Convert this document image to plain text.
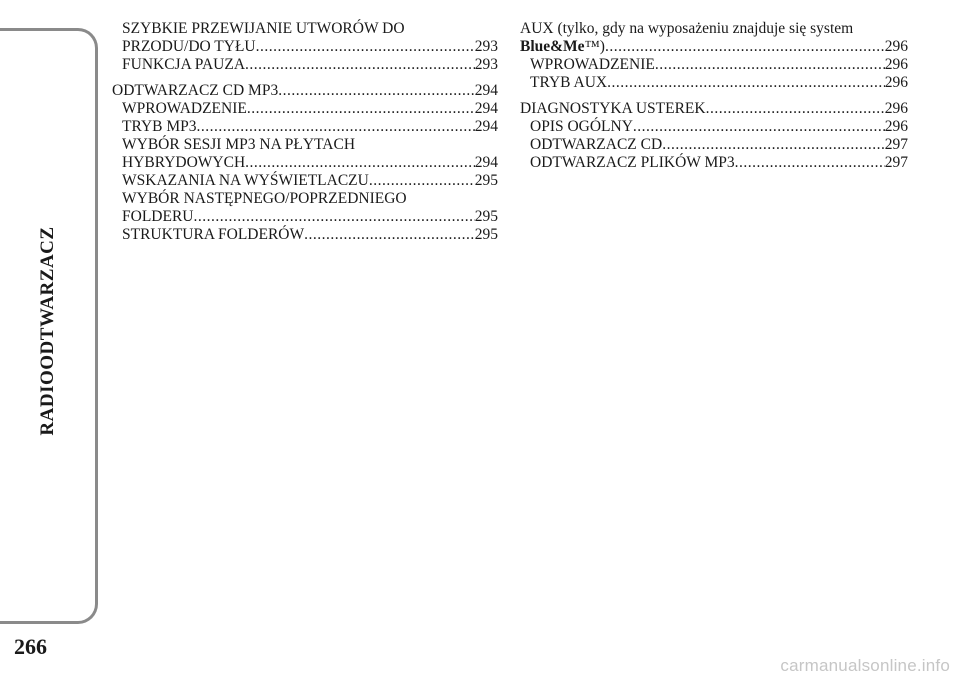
RADIOODTWARZACZ
266
SZYBKIE PRZEWIJANIE UTWORÓW DO
PRZODU/DO TYŁU .....	293
FUNKCJA PAUZA .....	293
ODTWARZACZ CD MP3 .....	294
WPROWADZENIE .....	294
TRYB MP3 .....	294
WYBÓR SESJI MP3 NA PŁYTACH
HYBRYDOWYCH .....	294
WSKAZANIA NA WYŚWIETLACZU .....	295
WYBÓR NASTĘPNEGO/POPRZEDNIEGO
FOLDERU .....	295
STRUKTURA FOLDERÓW .....	295
AUX (tylko, gdy na wyposażeniu znajduje się system
Blue&Me™) .....	296
WPROWADZENIE .....	296
TRYB AUX .....	296
DIAGNOSTYKA USTEREK .....	296
OPIS OGÓLNY .....	296
ODTWARZACZ CD .....	297
ODTWARZACZ PLIKÓW MP3 .....	297
carmanualsonline.info
